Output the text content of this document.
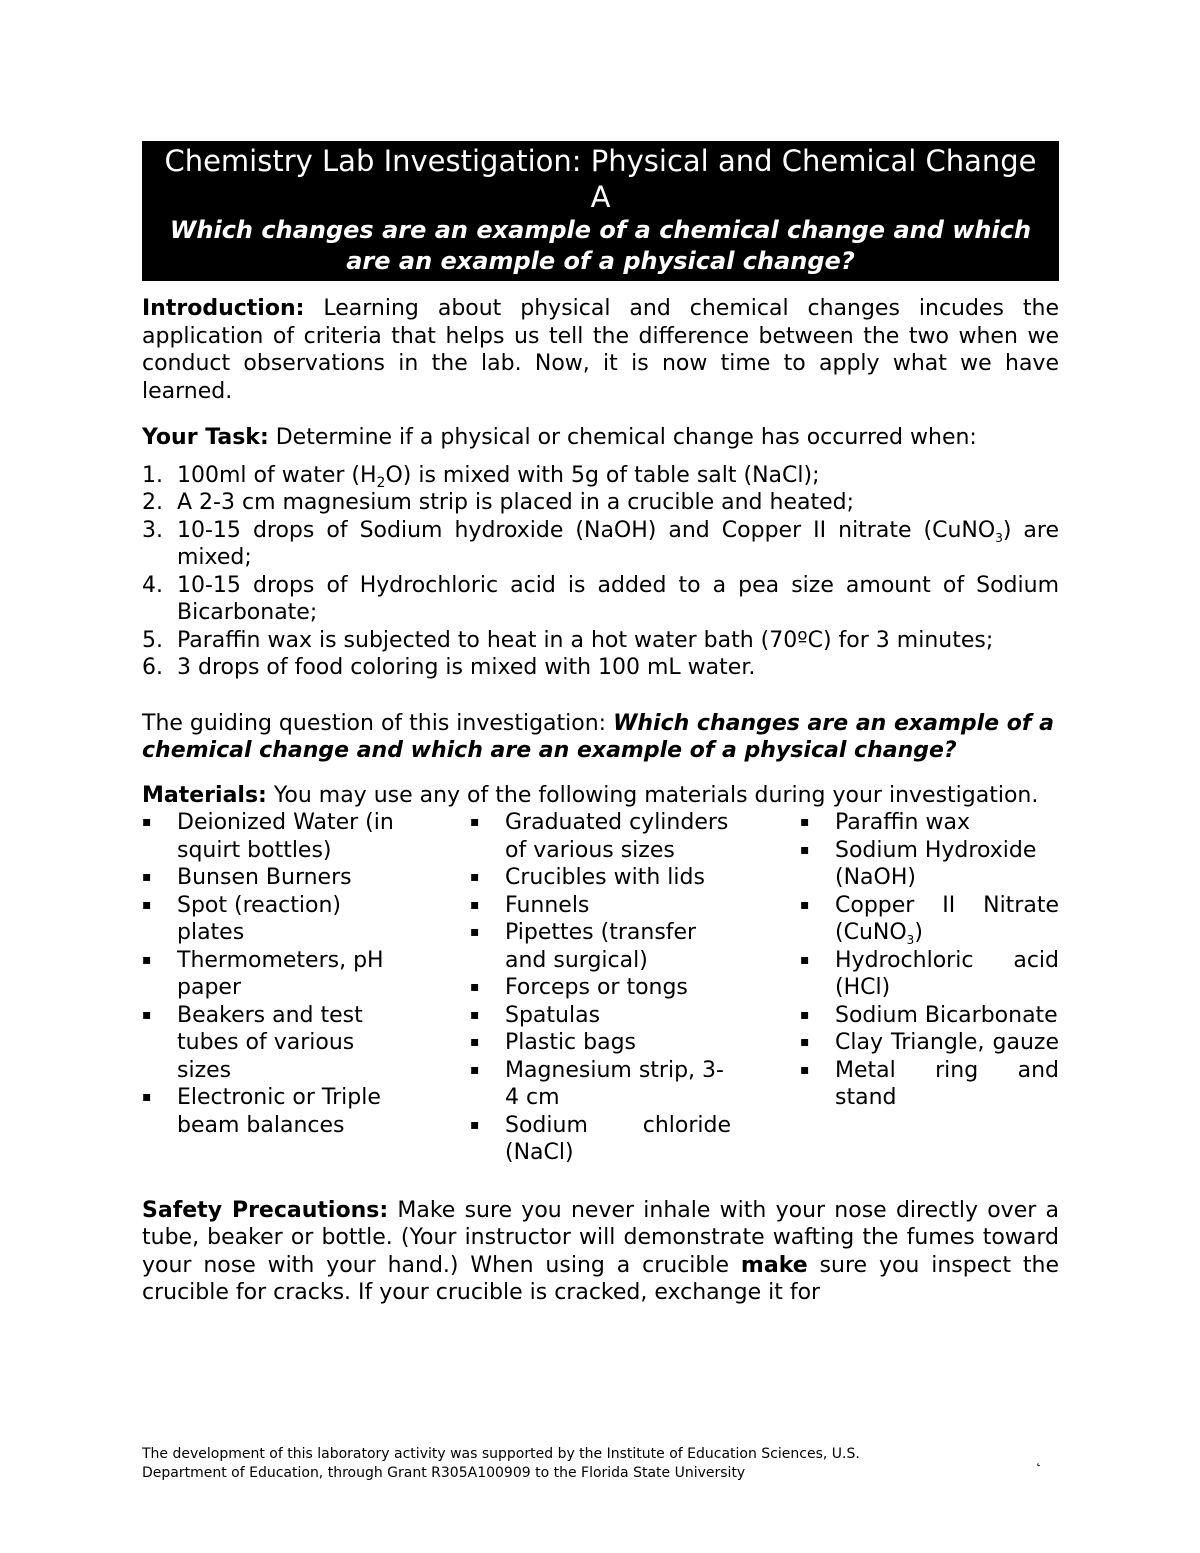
Chemistry Lab Investigation: Physical and Chemical Change A
Which changes are an example of a chemical change and which are an example of a physical change?

Introduction: Learning about physical and chemical changes incudes the application of criteria that helps us tell the difference between the two when we conduct observations in the lab. Now, it is now time to apply what we have learned.

Your Task: Determine if a physical or chemical change has occurred when:

1. 100ml of water $(H_2O)$ is mixed with 5g of table salt (NaCl);
2. A 2-3 cm magnesium strip is placed in a crucible and heated;
3. 10-15 drops of Sodium hydroxide (NaOH) and Copper II nitrate (CuNO$_3$) are mixed;
4. 10-15 drops of Hydrochloric acid is added to a pea size amount of Sodium Bicarbonate;
5. Paraffin wax is subjected to heat in a hot water bath (70ºC) for 3 minutes;
6. 3 drops of food coloring is mixed with 100 mL water.

The guiding question of this investigation: Which changes are an example of a chemical change and which are an example of a physical change?

Materials: You may use any of the following materials during your investigation.

▪ Deionized Water (in squirt bottles)
▪ Bunsen Burners
▪ Spot (reaction) plates
▪ Thermometers, pH paper
▪ Beakers and test tubes of various sizes
▪ Electronic or Triple beam balances
▪ Graduated cylinders of various sizes
▪ Crucibles with lids
▪ Funnels
▪ Pipettes (transfer and surgical)
▪ Forceps or tongs
▪ Spatulas
▪ Plastic bags
▪ Magnesium strip, 3-4 cm
▪ Sodium chloride (NaCl)
▪ Paraffin wax
▪ Sodium Hydroxide (NaOH)
▪ Copper II Nitrate (CuNO$_3$)
▪ Hydrochloric acid (HCl)
▪ Sodium Bicarbonate
▪ Clay Triangle, gauze
▪ Metal ring and stand

Safety Precautions: Make sure you never inhale with your nose directly over a tube, beaker or bottle. (Your instructor will demonstrate wafting the fumes toward your nose with your hand.) When using a crucible make sure you inspect the crucible for cracks. If your crucible is cracked, exchange it for

The development of this laboratory activity was supported by the Institute of Education Sciences, U.S.
Department of Education, through Grant R305A100909 to the Florida State University
˛
